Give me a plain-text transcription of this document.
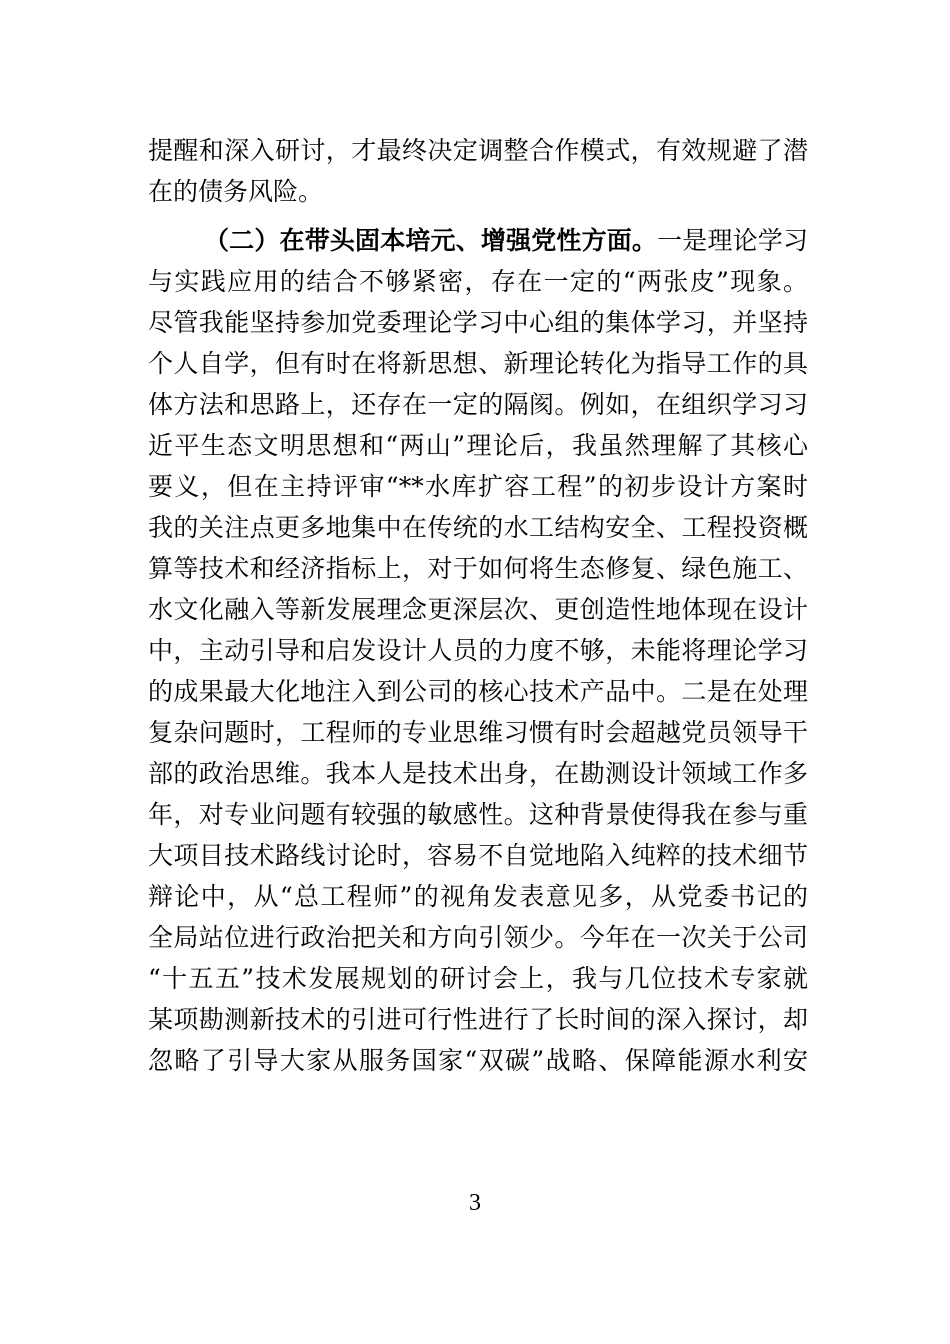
提醒和深入研讨，才最终决定调整合作模式，有效规避了潜
在的债务风险。
（二）在带头固本培元、增强党性方面。一是理论学习
与实践应用的结合不够紧密，存在一定的“两张皮”现象。
尽管我能坚持参加党委理论学习中心组的集体学习，并坚持
个人自学，但有时在将新思想、新理论转化为指导工作的具
体方法和思路上，还存在一定的隔阂。例如，在组织学习习
近平生态文明思想和“两山”理论后，我虽然理解了其核心
要义，但在主持评审“**水库扩容工程”的初步设计方案时
我的关注点更多地集中在传统的水工结构安全、工程投资概
算等技术和经济指标上，对于如何将生态修复、绿色施工、
水文化融入等新发展理念更深层次、更创造性地体现在设计
中，主动引导和启发设计人员的力度不够，未能将理论学习
的成果最大化地注入到公司的核心技术产品中。二是在处理
复杂问题时，工程师的专业思维习惯有时会超越党员领导干
部的政治思维。我本人是技术出身，在勘测设计领域工作多
年，对专业问题有较强的敏感性。这种背景使得我在参与重
大项目技术路线讨论时，容易不自觉地陷入纯粹的技术细节
辩论中，从“总工程师”的视角发表意见多，从党委书记的
全局站位进行政治把关和方向引领少。今年在一次关于公司
“十五五”技术发展规划的研讨会上，我与几位技术专家就
某项勘测新技术的引进可行性进行了长时间的深入探讨，却
忽略了引导大家从服务国家“双碳”战略、保障能源水利安
3
